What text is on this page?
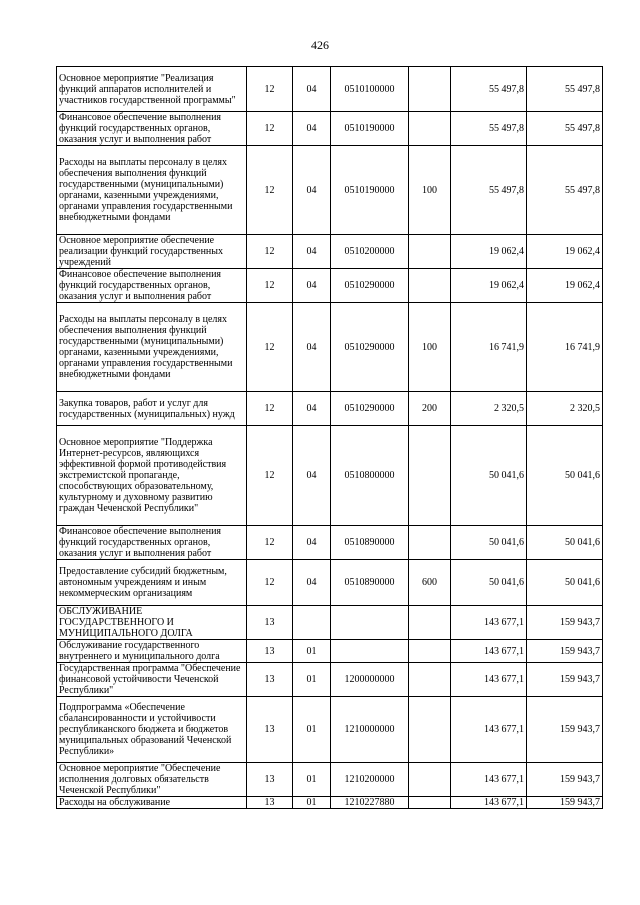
426
Основное мероприятие "Реализация функций аппаратов исполнителей и участников государственной программы"	12	04	0510100000		55 497,8	55 497,8
Финансовое обеспечение выполнения функций государственных органов, оказания услуг и выполнения работ	12	04	0510190000		55 497,8	55 497,8
Расходы на выплаты персоналу в целях обеспечения выполнения функций государственными (муниципальными) органами, казенными учреждениями, органами управления государственными внебюджетными фондами	12	04	0510190000	100	55 497,8	55 497,8
Основное мероприятие обеспечение реализации функций государственных учреждений	12	04	0510200000		19 062,4	19 062,4
Финансовое обеспечение выполнения функций государственных органов, оказания услуг и выполнения работ	12	04	0510290000		19 062,4	19 062,4
Расходы на выплаты персоналу в целях обеспечения выполнения функций государственными (муниципальными) органами, казенными учреждениями, органами управления государственными внебюджетными фондами	12	04	0510290000	100	16 741,9	16 741,9
Закупка товаров, работ и услуг для государственных (муниципальных) нужд	12	04	0510290000	200	2 320,5	2 320,5
Основное мероприятие "Поддержка Интернет-ресурсов, являющихся эффективной формой противодействия экстремистской пропаганде, способствующих образовательному, культурному и духовному развитию граждан Чеченской Республики"	12	04	0510800000		50 041,6	50 041,6
Финансовое обеспечение выполнения функций государственных органов, оказания услуг и выполнения работ	12	04	0510890000		50 041,6	50 041,6
Предоставление субсидий бюджетным, автономным учреждениям и иным некоммерческим организациям	12	04	0510890000	600	50 041,6	50 041,6
ОБСЛУЖИВАНИЕ ГОСУДАРСТВЕННОГО И МУНИЦИПАЛЬНОГО ДОЛГА	13				143 677,1	159 943,7
Обслуживание государственного внутреннего и муниципального долга	13	01			143 677,1	159 943,7
Государственная программа "Обеспечение финансовой устойчивости Чеченской Республики"	13	01	1200000000		143 677,1	159 943,7
Подпрограмма «Обеспечение сбалансированности и устойчивости республиканского бюджета и бюджетов муниципальных образований Чеченской Республики»	13	01	1210000000		143 677,1	159 943,7
Основное мероприятие "Обеспечение исполнения долговых обязательств Чеченской Республики"	13	01	1210200000		143 677,1	159 943,7
Расходы на обслуживание	13	01	1210227880		143 677,1	159 943,7
